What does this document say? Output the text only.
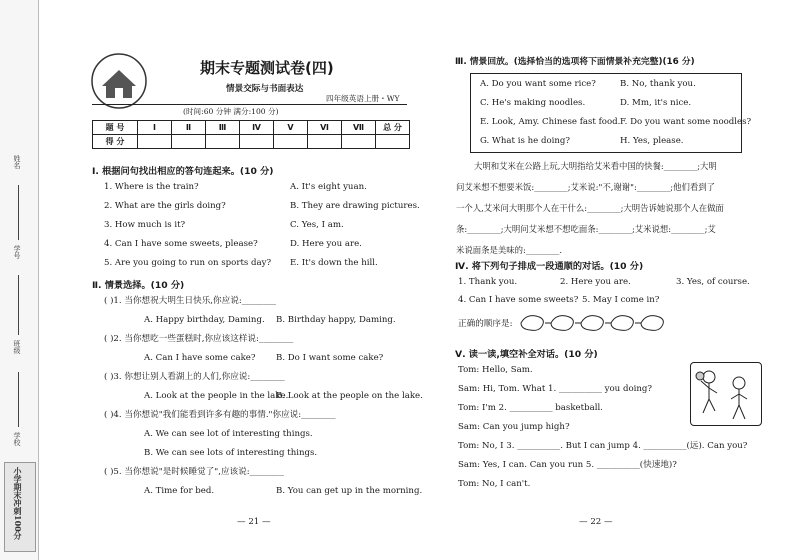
姓名
学号
班级
学校
小学期末冲刺100分
期末专题测试卷(四)
情景交际与书面表达
四年级英语上册・WY
(时间:60 分钟 满分:100 分)
题 号	Ⅰ	Ⅱ	Ⅲ	Ⅳ	Ⅴ	Ⅵ	Ⅶ	总 分
得 分								
Ⅰ. 根据问句找出相应的答句连起来。(10 分)
1. Where is the train?
2. What are the girls doing?
3. How much is it?
4. Can I have some sweets, please?
5. Are you going to run on sports day?
A. It's eight yuan.
B. They are drawing pictures.
C. Yes, I am.
D. Here you are.
E. It's down the hill.
Ⅱ. 情景选择。(10 分)
( )1. 当你想祝大明生日快乐,你应说:________
A. Happy birthday, Daming. B. Birthday happy, Daming.
( )2. 当你想吃一些蛋糕时,你应该这样说:________
A. Can I have some cake? B. Do I want some cake?
( )3. 你想让别人看湖上的人们,你应说:________
A. Look at the people in the lake.
B. Look at the people on the lake.
( )4. 当你想说"我们能看到许多有趣的事情."你应说:________
A. We can see lot of interesting things.
B. We can see lots of interesting things.
( )5. 当你想说"是时候睡觉了",应该说:________
A. Time for bed.	B. You can get up in the morning.
— 21 —
Ⅲ. 情景回放。(选择恰当的选项将下面情景补充完整)(16 分)
A. Do you want some rice?	B. No, thank you.
C. He's making noodles.	D. Mm, it's nice.
E. Look, Amy. Chinese fast food. F. Do you want some noodles?
G. What is he doing?	H. Yes, please.
大明和艾米在公路上玩,大明指给艾米看中国的快餐:________;大明
问艾米想不想要米饭:________;艾米说:"不,谢谢":________;他们看到了
一个人,艾米问大明那个人在干什么:________;大明告诉她说那个人在做面
条:________;大明问艾米想不想吃面条:________;艾米说想:________;艾
米说面条是美味的:________.
Ⅳ. 将下列句子排成一段通顺的对话。(10 分)
1. Thank you.	2. Here you are.	3. Yes, of course.
4. Can I have some sweets? 5. May I come in?
正确的顺序是:
Ⅴ. 读一读,填空补全对话。(10 分)
Tom: Hello, Sam.
Sam: Hi, Tom. What 1. __________ you doing?
Tom: I'm 2. __________ basketball.
Sam: Can you jump high?
Tom: No, I 3. __________. But I can jump 4. __________(远). Can you?
Sam: Yes, I can. Can you run 5. __________(快速地)?
Tom: No, I can't.
— 22 —
